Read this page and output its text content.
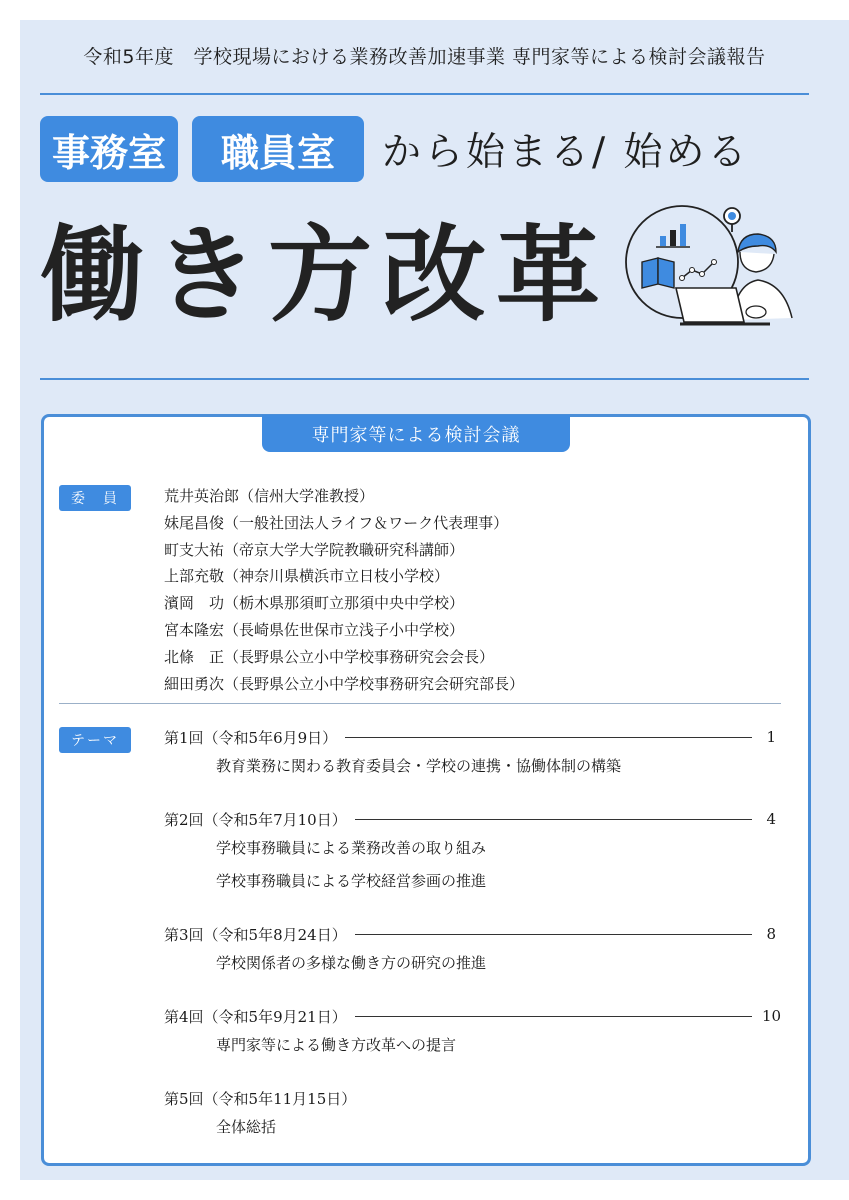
令和5年度　学校現場における業務改善加速事業 専門家等による検討会議報告
事務室	職員室	から始まる/ 始める
働き方改革
専門家等による検討会議
委　員	荒井英治郎（信州大学准教授）
妹尾昌俊（一般社団法人ライフ＆ワーク代表理事）
町支大祐（帝京大学大学院教職研究科講師）
上部充敬（神奈川県横浜市立日枝小学校）
濱岡　功（栃木県那須町立那須中央中学校）
宮本隆宏（長崎県佐世保市立浅子小中学校）
北條　正（長野県公立小中学校事務研究会会長）
細田勇次（長野県公立小中学校事務研究会研究部長）
テーマ	第1回（令和5年6月9日）	1
教育業務に関わる教育委員会・学校の連携・協働体制の構築
第2回（令和5年7月10日）	4
学校事務職員による業務改善の取り組み
学校事務職員による学校経営参画の推進
第3回（令和5年8月24日）	8
学校関係者の多様な働き方の研究の推進
第4回（令和5年9月21日）	10
専門家等による働き方改革への提言
第5回（令和5年11月15日）
全体総括
